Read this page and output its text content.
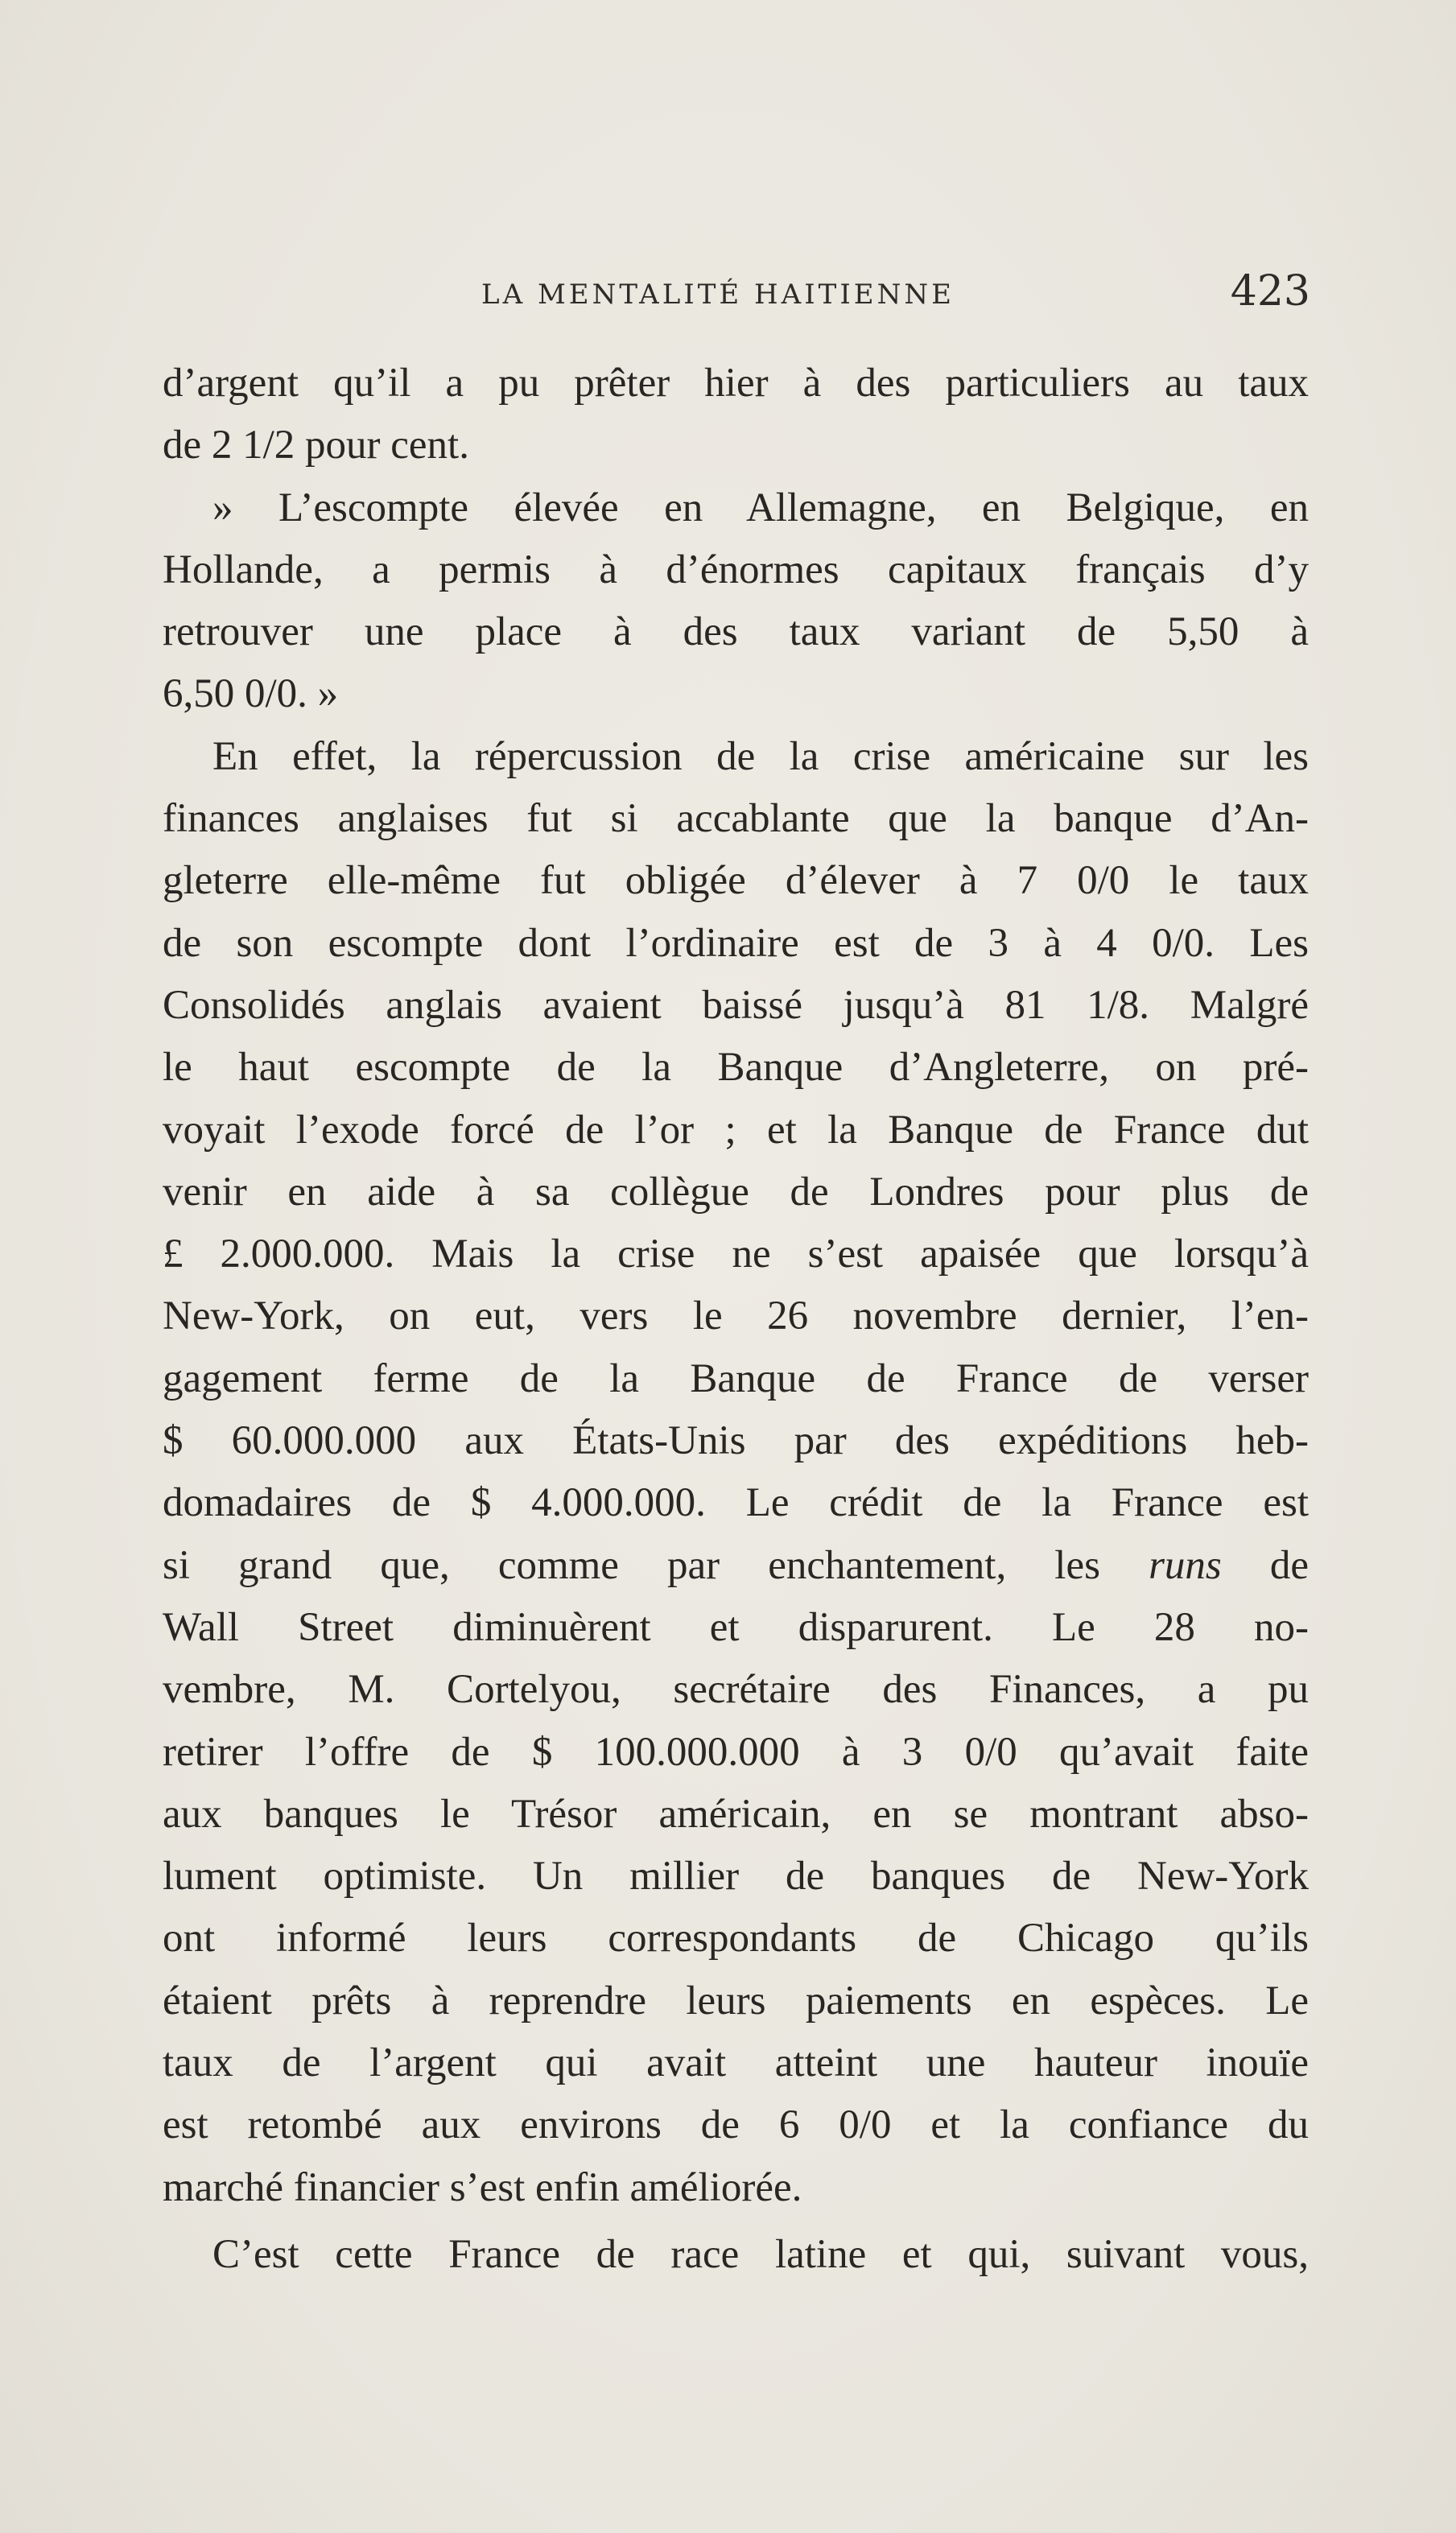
LA MENTALITÉ HAITIENNE	423
d’argent qu’il a pu prêter hier à des particuliers au taux
de 2 1/2 pour cent.
» L’escompte élevée en Allemagne, en Belgique, en
Hollande, a permis à d’énormes capitaux français d’y
retrouver une place à des taux variant de 5,50 à
6,50 0/0. »
En effet, la répercussion de la crise américaine sur les
finances anglaises fut si accablante que la banque d’An-
gleterre elle-même fut obligée d’élever à 7 0/0 le taux
de son escompte dont l’ordinaire est de 3 à 4 0/0. Les
Consolidés anglais avaient baissé jusqu’à 81 1/8. Malgré
le haut escompte de la Banque d’Angleterre, on pré-
voyait l’exode forcé de l’or ; et la Banque de France dut
venir en aide à sa collègue de Londres pour plus de
£ 2.000.000. Mais la crise ne s’est apaisée que lorsqu’à
New-York, on eut, vers le 26 novembre dernier, l’en-
gagement ferme de la Banque de France de verser
$ 60.000.000 aux États-Unis par des expéditions heb-
domadaires de $ 4.000.000. Le crédit de la France est
si grand que, comme par enchantement, les runs de
Wall Street diminuèrent et disparurent. Le 28 no-
vembre, M. Cortelyou, secrétaire des Finances, a pu
retirer l’offre de $ 100.000.000 à 3 0/0 qu’avait faite
aux banques le Trésor américain, en se montrant abso-
lument optimiste. Un millier de banques de New-York
ont informé leurs correspondants de Chicago qu’ils
étaient prêts à reprendre leurs paiements en espèces. Le
taux de l’argent qui avait atteint une hauteur inouïe
est retombé aux environs de 6 0/0 et la confiance du
marché financier s’est enfin améliorée.
C’est cette France de race latine et qui, suivant vous,
